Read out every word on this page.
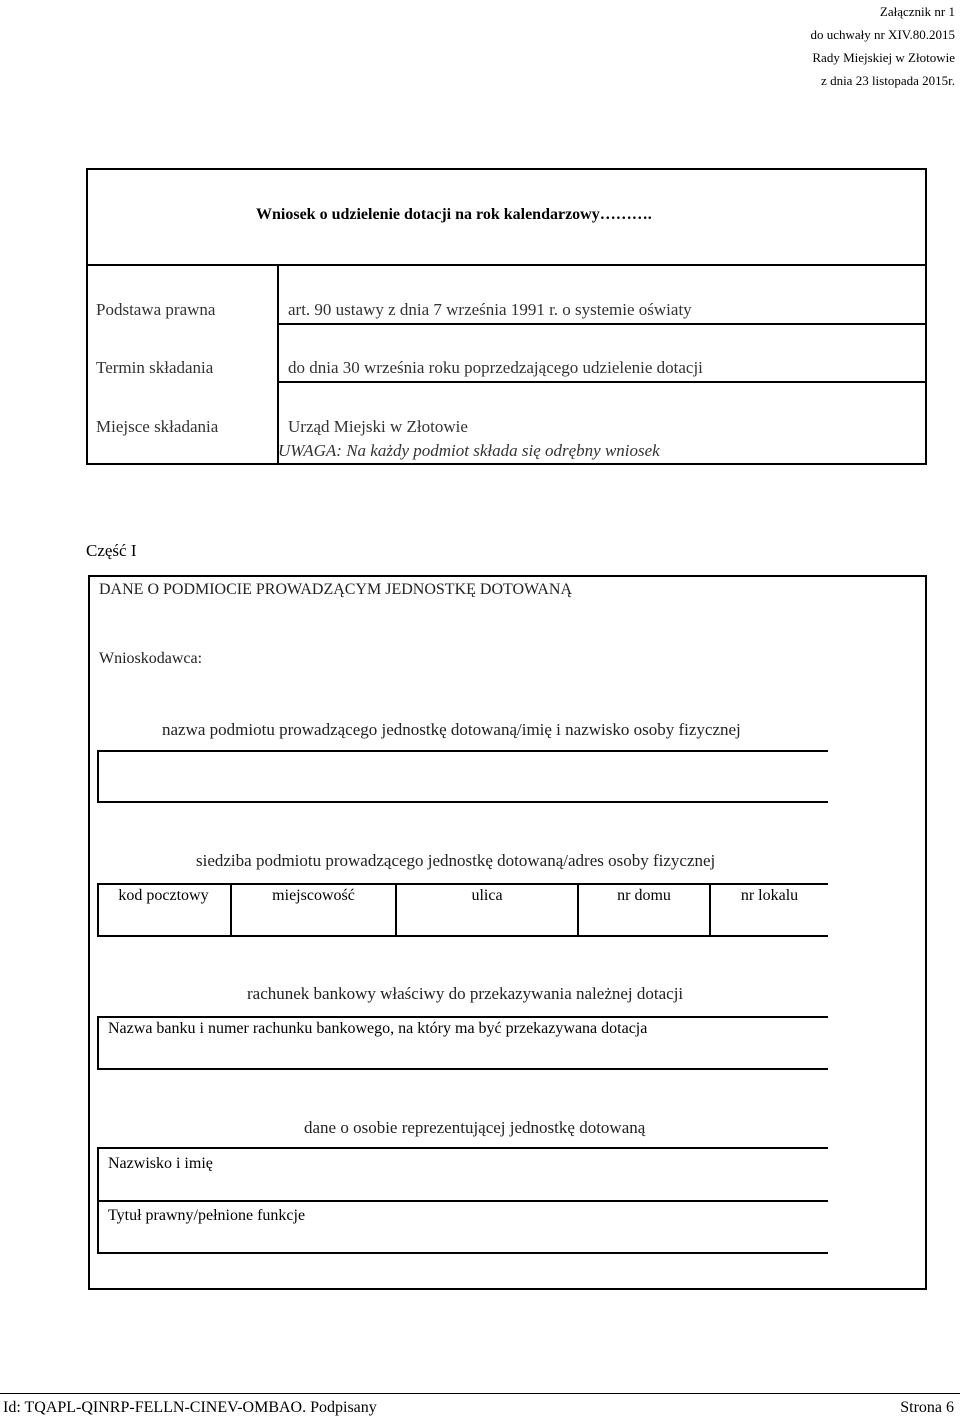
Załącznik nr 1
do uchwały nr XIV.80.2015
Rady Miejskiej w Złotowie
z dnia 23 listopada 2015r.
Wniosek o udzielenie dotacji na rok kalendarzowy……….
Podstawa prawna	art. 90 ustawy z dnia 7 września 1991 r. o systemie oświaty
Termin składania	do dnia 30 września roku poprzedzającego udzielenie dotacji
Miejsce składania	Urząd Miejski w Złotowie
UWAGA: Na każdy podmiot składa się odrębny wniosek
Część I
DANE O PODMIOCIE PROWADZĄCYM JEDNOSTKĘ DOTOWANĄ
Wnioskodawca:
nazwa podmiotu prowadzącego jednostkę dotowaną/imię i nazwisko osoby fizycznej
siedziba podmiotu prowadzącego jednostkę dotowaną/adres osoby fizycznej
kod pocztowy	miejscowość	ulica	nr domu	nr lokalu
rachunek bankowy właściwy do przekazywania należnej dotacji
Nazwa banku i numer rachunku bankowego, na który ma być przekazywana dotacja
dane o osobie reprezentującej jednostkę dotowaną
Nazwisko i imię
Tytuł prawny/pełnione funkcje
Id: TQAPL-QINRP-FELLN-CINEV-OMBAO. Podpisany	Strona 6
